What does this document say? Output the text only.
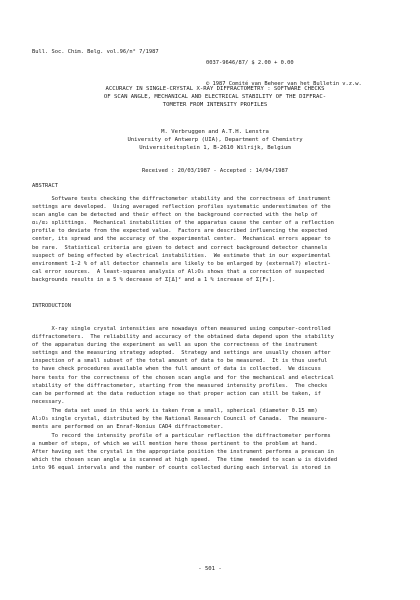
Bull. Soc. Chim. Belg. vol.96/n° 7/1987

0037-9646/87/ $ 2.00 + 0.00

© 1987 Comité van Beheer van het Bulletin v.z.w.

ACCURACY IN SINGLE-CRYSTAL X-RAY DIFFRACTOMETRY : SOFTWARE CHECKS
OF SCAN ANGLE, MECHANICAL AND ELECTRICAL STABILITY OF THE DIFFRAC-
TOMETER FROM INTENSITY PROFILES
M. Verbruggen and A.T.H. Lenstra
University of Antwerp (UIA), Department of Chemistry
Universiteitsplein 1, B-2610 Wilrijk, Belgium
Received : 20/03/1987 - Accepted : 14/04/1987
ABSTRACT
Software tests checking the diffractometer stability and the correctness of instrument
settings are developed.  Using averaged reflection profiles systematic underestimates of the
scan angle can be detected and their effect on the background corrected with the help of
α₁/α₂ splittings.  Mechanical instabilities of the apparatus cause the center of a reflection
profile to deviate from the expected value.  Factors are described influencing the expected
center, its spread and the accuracy of the experimental center.  Mechanical errors appear to
be rare.  Statistical criteria are given to detect and correct background detector channels
suspect of being effected by electrical instabilities.  We estimate that in our experimental
environment 1-2 % of all detector channels are likely to be enlarged by (external?) electri-
cal error sources.  A least-squares analysis of Al₂O₃ shows that a correction of suspected
backgrounds results in a 5 % decrease of Σ[Δ]² and a 1 % increase of Σ[F₀].
INTRODUCTION
X-ray single crystal intensities are nowadays often measured using computer-controlled
diffractometers.  The reliability and accuracy of the obtained data depend upon the stability
of the apparatus during the experiment as well as upon the correctness of the instrument
settings and the measuring strategy adopted.  Strategy and settings are usually chosen after
inspection of a small subset of the total amount of data to be measured.  It is thus useful
to have check procedures available when the full amount of data is collected.  We discuss
here tests for the correctness of the chosen scan angle and for the mechanical and electrical
stability of the diffractometer, starting from the measured intensity profiles.  The checks
can be performed at the data reduction stage so that proper action can still be taken, if
necessary.
The data set used in this work is taken from a small, spherical (diameter 0.15 mm)
Al₂O₃ single crystal, distributed by the National Research Council of Canada.  The measure-
ments are performed on an Enraf-Nonius CAD4 diffractometer.
To record the intensity profile of a particular reflection the diffractometer performs
a number of steps, of which we will mention here those pertinent to the problem at hand.
After having set the crystal in the appropriate position the instrument performs a prescan in
which the chosen scan angle ω is scanned at high speed.  The time  needed to scan ω is divided
into 96 equal intervals and the number of counts collected during each interval is stored in
- 501 -
